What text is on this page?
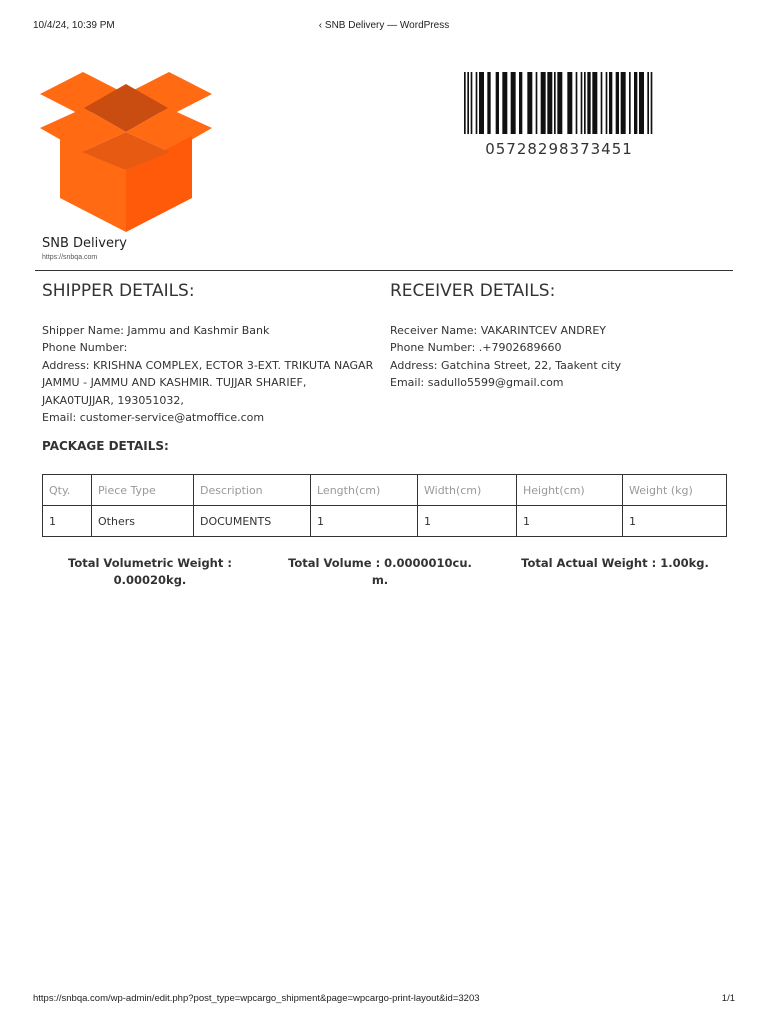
10/4/24, 10:39 PM	‹ SNB Delivery — WordPress
SNB Delivery
https://snbqa.com
05728298373451
SHIPPER DETAILS:	RECEIVER DETAILS:
Shipper Name: Jammu and Kashmir Bank
Phone Number:
Address: KRISHNA COMPLEX, ECTOR 3-EXT. TRIKUTA NAGAR JAMMU - JAMMU AND KASHMIR. TUJJAR SHARIEF, JAKA0TUJJAR, 193051032,
Email: customer-service@atmoffice.com
Receiver Name: VAKARINTCEV ANDREY
Phone Number: .+7902689660
Address: Gatchina Street, 22, Taakent city
Email: sadullo5599@gmail.com
PACKAGE DETAILS:
Qty.	Piece Type	Description	Length(cm)	Width(cm)	Height(cm)	Weight (kg)
1	Others	DOCUMENTS	1	1	1	1
Total Volumetric Weight : 0.00020kg.
Total Volume : 0.0000010cu. m.
Total Actual Weight : 1.00kg.
https://snbqa.com/wp-admin/edit.php?post_type=wpcargo_shipment&page=wpcargo-print-layout&id=3203	1/1
